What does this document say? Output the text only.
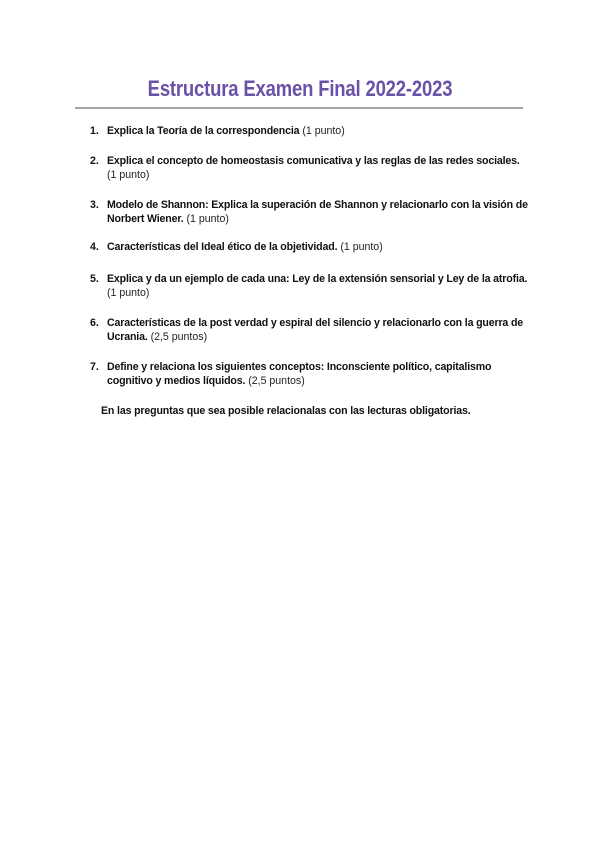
Estructura Examen Final 2022-2023
1. Explica la Teoría de la correspondencia (1 punto)
2. Explica el concepto de homeostasis comunicativa y las reglas de las redes sociales. (1 punto)
3. Modelo de Shannon: Explica la superación de Shannon y relacionarlo con la visión de Norbert Wiener. (1 punto)
4. Características del Ideal ético de la objetividad. (1 punto)
5. Explica y da un ejemplo de cada una: Ley de la extensión sensorial y Ley de la atrofia. (1 punto)
6. Características de la post verdad y espiral del silencio y relacionarlo con la guerra de Ucrania. (2,5 puntos)
7. Define y relaciona los siguientes conceptos: Inconsciente político, capitalismo cognitivo y medios líquidos. (2,5 puntos)
En las preguntas que sea posible relacionalas con las lecturas obligatorias.
